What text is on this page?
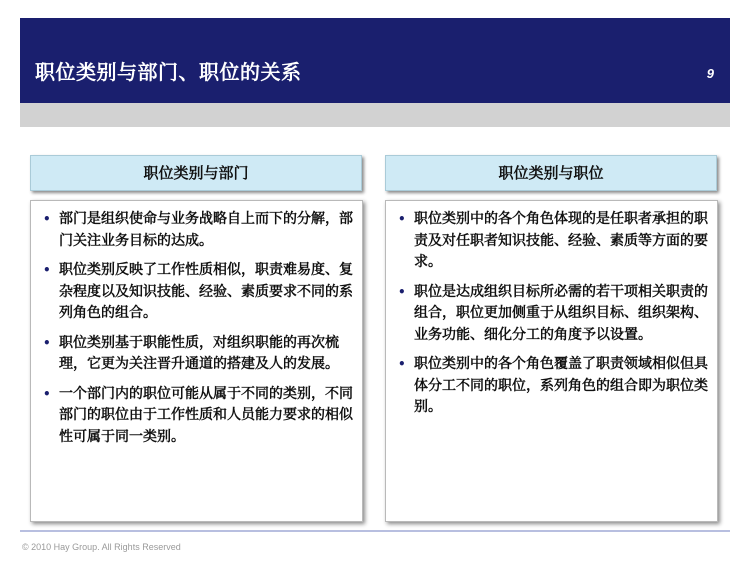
职位类别与部门、职位的关系	9
职位类别与部门
• 部门是组织使命与业务战略自上而下的分解，部门关注业务目标的达成。
• 职位类别反映了工作性质相似，职责难易度、复杂程度以及知识技能、经验、素质要求不同的系列角色的组合。
• 职位类别基于职能性质，对组织职能的再次梳理，它更为关注晋升通道的搭建及人的发展。
• 一个部门内的职位可能从属于不同的类别，不同部门的职位由于工作性质和人员能力要求的相似性可属于同一类别。
职位类别与职位
• 职位类别中的各个角色体现的是任职者承担的职责及对任职者知识技能、经验、素质等方面的要求。
• 职位是达成组织目标所必需的若干项相关职责的组合，职位更加侧重于从组织目标、组织架构、业务功能、细化分工的角度予以设置。
• 职位类别中的各个角色覆盖了职责领域相似但具体分工不同的职位，系列角色的组合即为职位类别。
© 2010 Hay Group. All Rights Reserved
